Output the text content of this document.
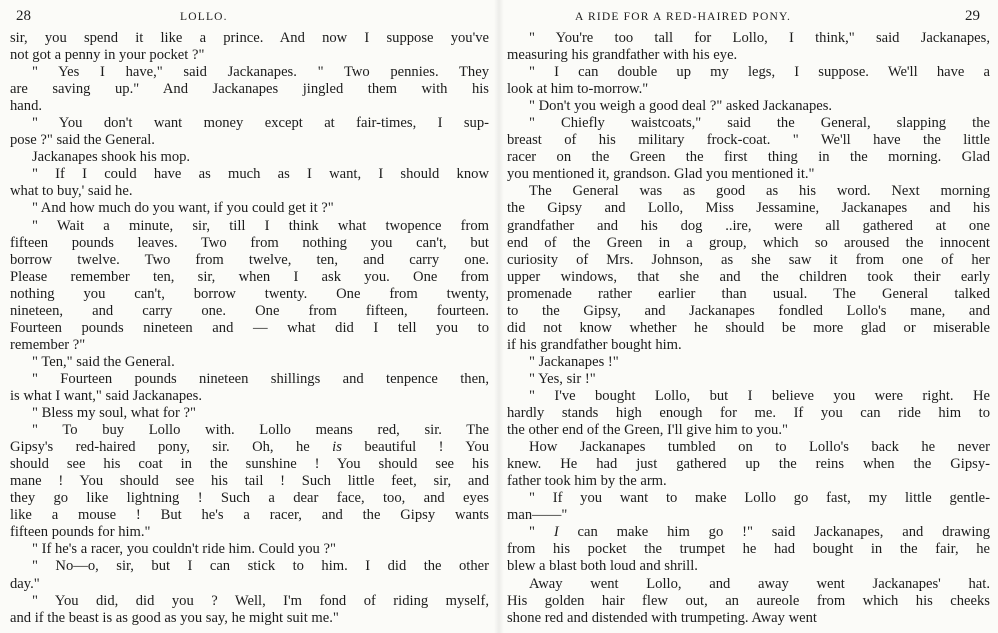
28	LOLLO.

sir, you spend it like a prince. And now I suppose you've
not got a penny in your pocket ?"

" Yes I have," said Jackanapes. " Two pennies. They
are saving up." And Jackanapes jingled them with his
hand.

" You don't want money except at fair-times, I sup-
pose ?" said the General.

Jackanapes shook his mop.

" If I could have as much as I want, I should know
what to buy,' said he.

" And how much do you want, if you could get it ?"

" Wait a minute, sir, till I think what twopence from
fifteen pounds leaves. Two from nothing you can't, but
borrow twelve. Two from twelve, ten, and carry one.
Please remember ten, sir, when I ask you. One from
nothing you can't, borrow twenty. One from twenty,
nineteen, and carry one. One from fifteen, fourteen.
Fourteen pounds nineteen and — what did I tell you to
remember ?"

" Ten," said the General.

" Fourteen pounds nineteen shillings and tenpence then,
is what I want," said Jackanapes.

" Bless my soul, what for ?"

" To buy Lollo with. Lollo means red, sir. The
Gipsy's red-haired pony, sir. Oh, he is beautiful ! You
should see his coat in the sunshine ! You should see his
mane ! You should see his tail ! Such little feet, sir, and
they go like lightning ! Such a dear face, too, and eyes
like a mouse ! But he's a racer, and the Gipsy wants
fifteen pounds for him."

" If he's a racer, you couldn't ride him. Could you ?"

" No—o, sir, but I can stick to him. I did the other
day."

" You did, did you ? Well, I'm fond of riding myself,
and if the beast is as good as you say, he might suit me."

A RIDE FOR A RED-HAIRED PONY.	29

" You're too tall for Lollo, I think," said Jackanapes,
measuring his grandfather with his eye.

" I can double up my legs, I suppose. We'll have a
look at him to-morrow."

" Don't you weigh a good deal ?" asked Jackanapes.

" Chiefly waistcoats," said the General, slapping the
breast of his military frock-coat. " We'll have the little
racer on the Green the first thing in the morning. Glad
you mentioned it, grandson. Glad you mentioned it."

The General was as good as his word. Next morning
the Gipsy and Lollo, Miss Jessamine, Jackanapes and his
grandfather and his dog ..ire, were all gathered at one
end of the Green in a group, which so aroused the innocent
curiosity of Mrs. Johnson, as she saw it from one of her
upper windows, that she and the children took their early
promenade rather earlier than usual. The General talked
to the Gipsy, and Jackanapes fondled Lollo's mane, and
did not know whether he should be more glad or miserable
if his grandfather bought him.

" Jackanapes !"

" Yes, sir !"

" I've bought Lollo, but I believe you were right. He
hardly stands high enough for me. If you can ride him to
the other end of the Green, I'll give him to you."

How Jackanapes tumbled on to Lollo's back he never
knew. He had just gathered up the reins when the Gipsy-
father took him by the arm.

" If you want to make Lollo go fast, my little gentle-
man——"

" I can make him go !" said Jackanapes, and drawing
from his pocket the trumpet he had bought in the fair, he
blew a blast both loud and shrill.

Away went Lollo, and away went Jackanapes' hat.
His golden hair flew out, an aureole from which his cheeks
shone red and distended with trumpeting. Away went
